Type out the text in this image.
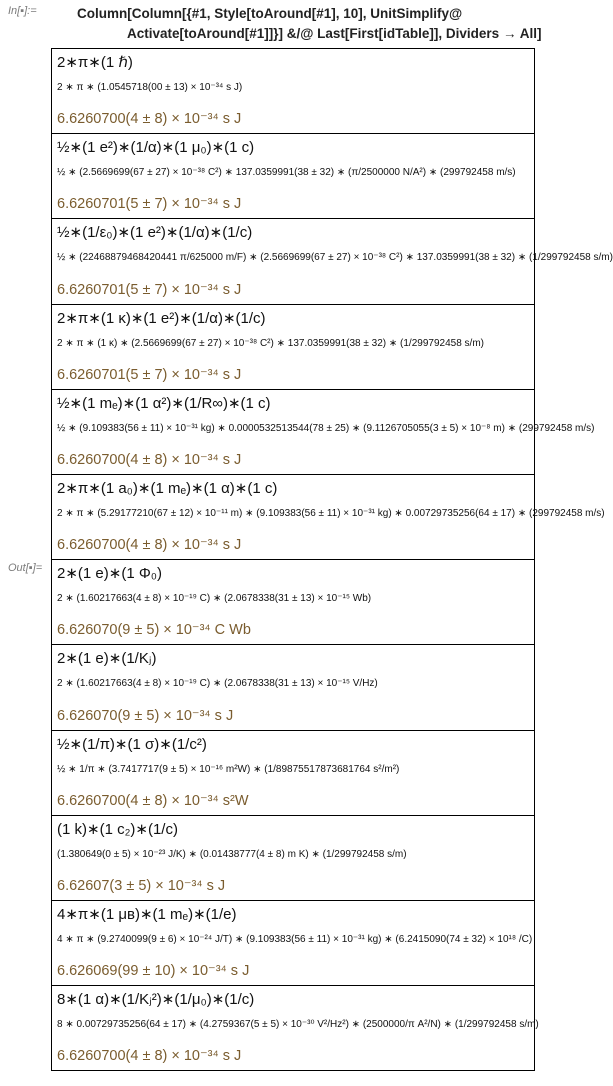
In[▪]:=	Column[Column[{#1, Style[toAround[#1], 10], UnitSimplify@
Activate[toAround[#1]]}] &/@ Last[First[idTable]], Dividers → All]
Out[▪]=
2∗π∗(1 ℏ)
2 ∗ π ∗ (1.0545718(00 ± 13) × 10⁻³⁴ s J)
6.6260700(4 ± 8) × 10⁻³⁴ s J
½∗(1 e²)∗(1/α)∗(1 μ₀)∗(1 c)
½ ∗ (2.5669699(67 ± 27) × 10⁻³⁸ C²) ∗ 137.0359991(38 ± 32) ∗ (π/2500000 N/A²) ∗ (299792458 m/s)
6.6260701(5 ± 7) × 10⁻³⁴ s J
½∗(1/ε₀)∗(1 e²)∗(1/α)∗(1/c)
½ ∗ (22468879468420441 π/625000 m/F) ∗ (2.5669699(67 ± 27) × 10⁻³⁸ C²) ∗ 137.0359991(38 ± 32) ∗ (1/299792458 s/m)
6.6260701(5 ± 7) × 10⁻³⁴ s J
2∗π∗(1 κ)∗(1 e²)∗(1/α)∗(1/c)
2 ∗ π ∗ (1 κ) ∗ (2.5669699(67 ± 27) × 10⁻³⁸ C²) ∗ 137.0359991(38 ± 32) ∗ (1/299792458 s/m)
6.6260701(5 ± 7) × 10⁻³⁴ s J
½∗(1 mₑ)∗(1 α²)∗(1/R∞)∗(1 c)
½ ∗ (9.109383(56 ± 11) × 10⁻³¹ kg) ∗ 0.0000532513544(78 ± 25) ∗ (9.1126705055(3 ± 5) × 10⁻⁸ m) ∗ (299792458 m/s)
6.6260700(4 ± 8) × 10⁻³⁴ s J
2∗π∗(1 a₀)∗(1 mₑ)∗(1 α)∗(1 c)
2 ∗ π ∗ (5.29177210(67 ± 12) × 10⁻¹¹ m) ∗ (9.109383(56 ± 11) × 10⁻³¹ kg) ∗ 0.00729735256(64 ± 17) ∗ (299792458 m/s)
6.6260700(4 ± 8) × 10⁻³⁴ s J
2∗(1 e)∗(1 Φ₀)
2 ∗ (1.60217663(4 ± 8) × 10⁻¹⁹ C) ∗ (2.0678338(31 ± 13) × 10⁻¹⁵ Wb)
6.626070(9 ± 5) × 10⁻³⁴ C Wb
2∗(1 e)∗(1/Kⱼ)
2 ∗ (1.60217663(4 ± 8) × 10⁻¹⁹ C) ∗ (2.0678338(31 ± 13) × 10⁻¹⁵ V/Hz)
6.626070(9 ± 5) × 10⁻³⁴ s J
½∗(1/π)∗(1 σ)∗(1/c²)
½ ∗ 1/π ∗ (3.7417717(9 ± 5) × 10⁻¹⁶ m²W) ∗ (1/89875517873681764 s²/m²)
6.6260700(4 ± 8) × 10⁻³⁴ s²W
(1 k)∗(1 c₂)∗(1/c)
(1.380649(0 ± 5) × 10⁻²³ J/K) ∗ (0.01438777(4 ± 8) m K) ∗ (1/299792458 s/m)
6.62607(3 ± 5) × 10⁻³⁴ s J
4∗π∗(1 μʙ)∗(1 mₑ)∗(1/e)
4 ∗ π ∗ (9.2740099(9 ± 6) × 10⁻²⁴ J/T) ∗ (9.109383(56 ± 11) × 10⁻³¹ kg) ∗ (6.2415090(74 ± 32) × 10¹⁸ /C)
6.626069(99 ± 10) × 10⁻³⁴ s J
8∗(1 α)∗(1/Kⱼ²)∗(1/μ₀)∗(1/c)
8 ∗ 0.00729735256(64 ± 17) ∗ (4.2759367(5 ± 5) × 10⁻³⁰ V²/Hz²) ∗ (2500000/π A²/N) ∗ (1/299792458 s/m)
6.6260700(4 ± 8) × 10⁻³⁴ s J
